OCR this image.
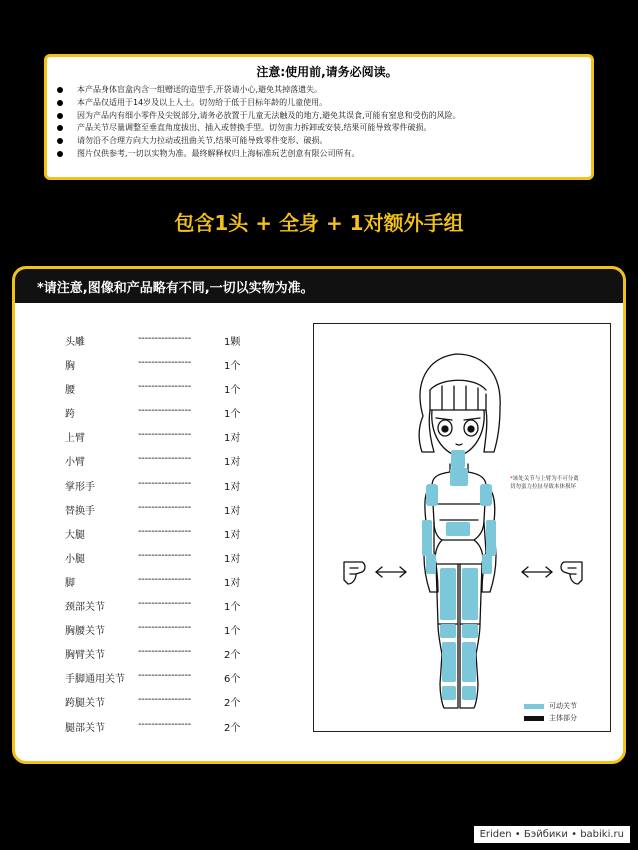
注意:使用前,请务必阅读。
本产品身体盲盒内含一组赠送的造型手,开袋请小心,避免其掉落遗失。
本产品仅适用于14岁及以上人士。切勿给于低于目标年龄的儿童使用。
因为产品内有细小零件及尖锐部分,请务必放置于儿童无法触及的地方,避免其误食,可能有窒息和受伤的风险。
产品关节尽量调整至垂直角度拔出、插入或替换手型。切勿蛮力拆卸或安装,结果可能导致零件破损。
请勿沿不合理方向大力拉动或扭曲关节,结果可能导致零件变形、破损。
图片仅供参考,一切以实物为准。最终解释权归上海标准玩艺创意有限公司所有。
包含1头 + 全身 + 1对额外手组
*请注意,图像和产品略有不同,一切以实物为准。
头雕	----------------	1颗
胸	----------------	1个
腰	----------------	1个
跨	----------------	1个
上臂	----------------	1对
小臂	----------------	1对
掌形手	----------------	1对
替换手	----------------	1对
大腿	----------------	1对
小腿	----------------	1对
脚	----------------	1对
颈部关节	----------------	1个
胸腰关节	----------------	1个
胸臂关节	----------------	2个
手脚通用关节 ----------------	6个
跨腿关节	----------------	2个
腿部关节	----------------	2个
*该处关节与上臂为不可分离
切勿蛮力拉扯导致本体损坏
可动关节
主体部分
Eriden • Бэйбики • babiki.ru
